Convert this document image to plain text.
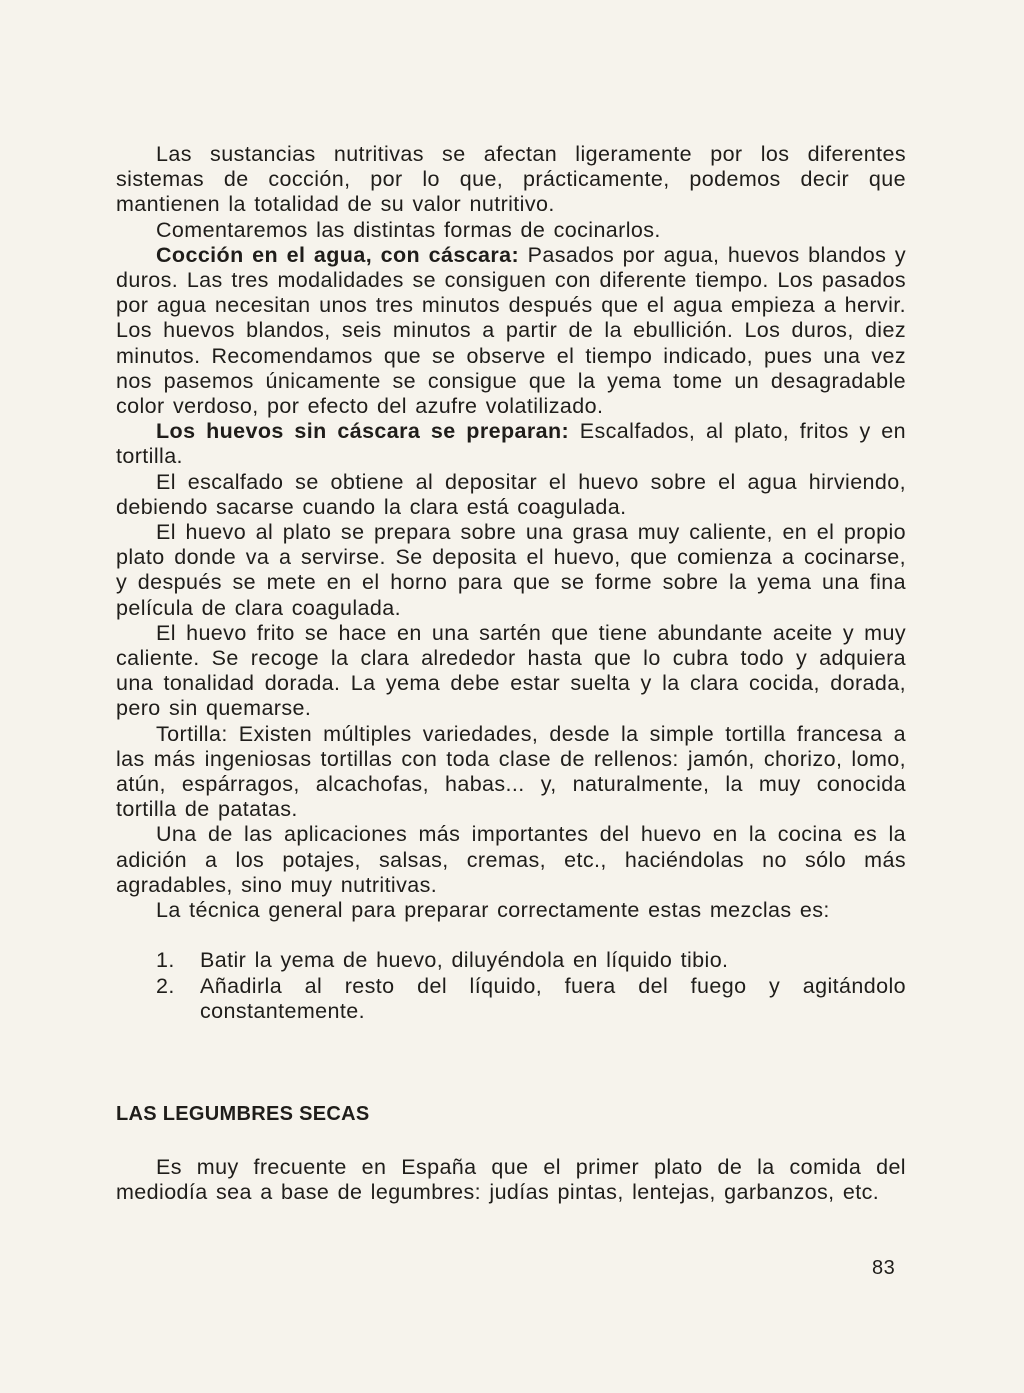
Las sustancias nutritivas se afectan ligeramente por los diferentes sistemas de cocción, por lo que, prácticamente, podemos decir que mantienen la totalidad de su valor nutritivo.

Comentaremos las distintas formas de cocinarlos.

Cocción en el agua, con cáscara: Pasados por agua, huevos blandos y duros. Las tres modalidades se consiguen con diferente tiempo. Los pasados por agua necesitan unos tres minutos después que el agua empieza a hervir. Los huevos blandos, seis minutos a partir de la ebullición. Los duros, diez minutos. Recomendamos que se observe el tiempo indicado, pues una vez nos pasemos únicamente se consigue que la yema tome un desagradable color verdoso, por efecto del azufre volatilizado.

Los huevos sin cáscara se preparan: Escalfados, al plato, fritos y en tortilla.

El escalfado se obtiene al depositar el huevo sobre el agua hirviendo, debiendo sacarse cuando la clara está coagulada.

El huevo al plato se prepara sobre una grasa muy caliente, en el propio plato donde va a servirse. Se deposita el huevo, que comienza a cocinarse, y después se mete en el horno para que se forme sobre la yema una fina película de clara coagulada.

El huevo frito se hace en una sartén que tiene abundante aceite y muy caliente. Se recoge la clara alrededor hasta que lo cubra todo y adquiera una tonalidad dorada. La yema debe estar suelta y la clara cocida, dorada, pero sin quemarse.

Tortilla: Existen múltiples variedades, desde la simple tortilla francesa a las más ingeniosas tortillas con toda clase de rellenos: jamón, chorizo, lomo, atún, espárragos, alcachofas, habas... y, naturalmente, la muy conocida tortilla de patatas.

Una de las aplicaciones más importantes del huevo en la cocina es la adición a los potajes, salsas, cremas, etc., haciéndolas no sólo más agradables, sino muy nutritivas.

La técnica general para preparar correctamente estas mezclas es:

1. Batir la yema de huevo, diluyéndola en líquido tibio.
2. Añadirla al resto del líquido, fuera del fuego y agitándolo constantemente.
LAS LEGUMBRES SECAS

Es muy frecuente en España que el primer plato de la comida del mediodía sea a base de legumbres: judías pintas, lentejas, garbanzos, etc.

83
